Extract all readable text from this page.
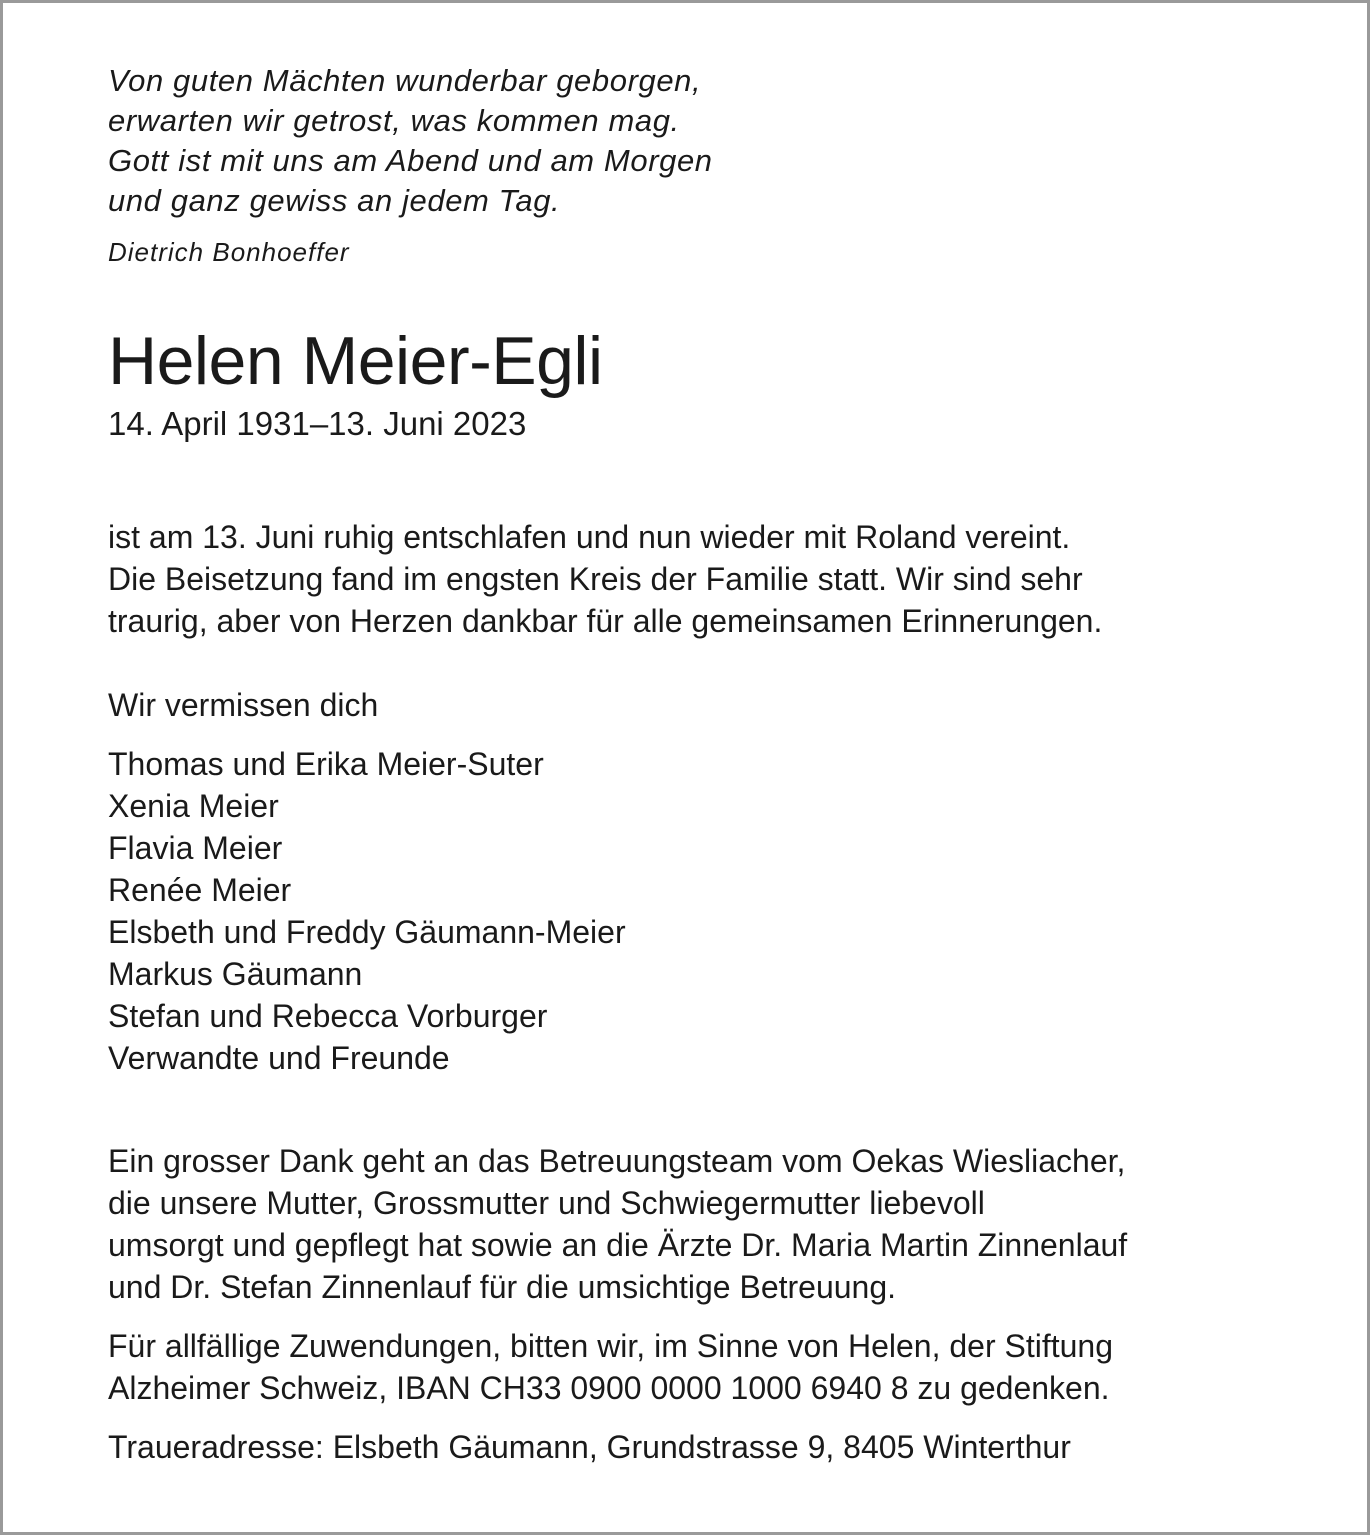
Von guten Mächten wunderbar geborgen,
erwarten wir getrost, was kommen mag.
Gott ist mit uns am Abend und am Morgen
und ganz gewiss an jedem Tag.
Dietrich Bonhoeffer
Helen Meier-Egli
14. April 1931–13. Juni 2023

ist am 13. Juni ruhig entschlafen und nun wieder mit Roland vereint.
Die Beisetzung fand im engsten Kreis der Familie statt. Wir sind sehr
traurig, aber von Herzen dankbar für alle gemeinsamen Erinnerungen.

Wir vermissen dich

Thomas und Erika Meier-Suter
Xenia Meier
Flavia Meier
Renée Meier
Elsbeth und Freddy Gäumann-Meier
Markus Gäumann
Stefan und Rebecca Vorburger
Verwandte und Freunde

Ein grosser Dank geht an das Betreuungsteam vom Oekas Wiesliacher,
die unsere Mutter, Grossmutter und Schwiegermutter liebevoll
umsorgt und gepflegt hat sowie an die Ärzte Dr. Maria Martin Zinnenlauf
und Dr. Stefan Zinnenlauf für die umsichtige Betreuung.

Für allfällige Zuwendungen, bitten wir, im Sinne von Helen, der Stiftung
Alzheimer Schweiz, IBAN CH33 0900 0000 1000 6940 8 zu gedenken.

Traueradresse: Elsbeth Gäumann, Grundstrasse 9, 8405 Winterthur
